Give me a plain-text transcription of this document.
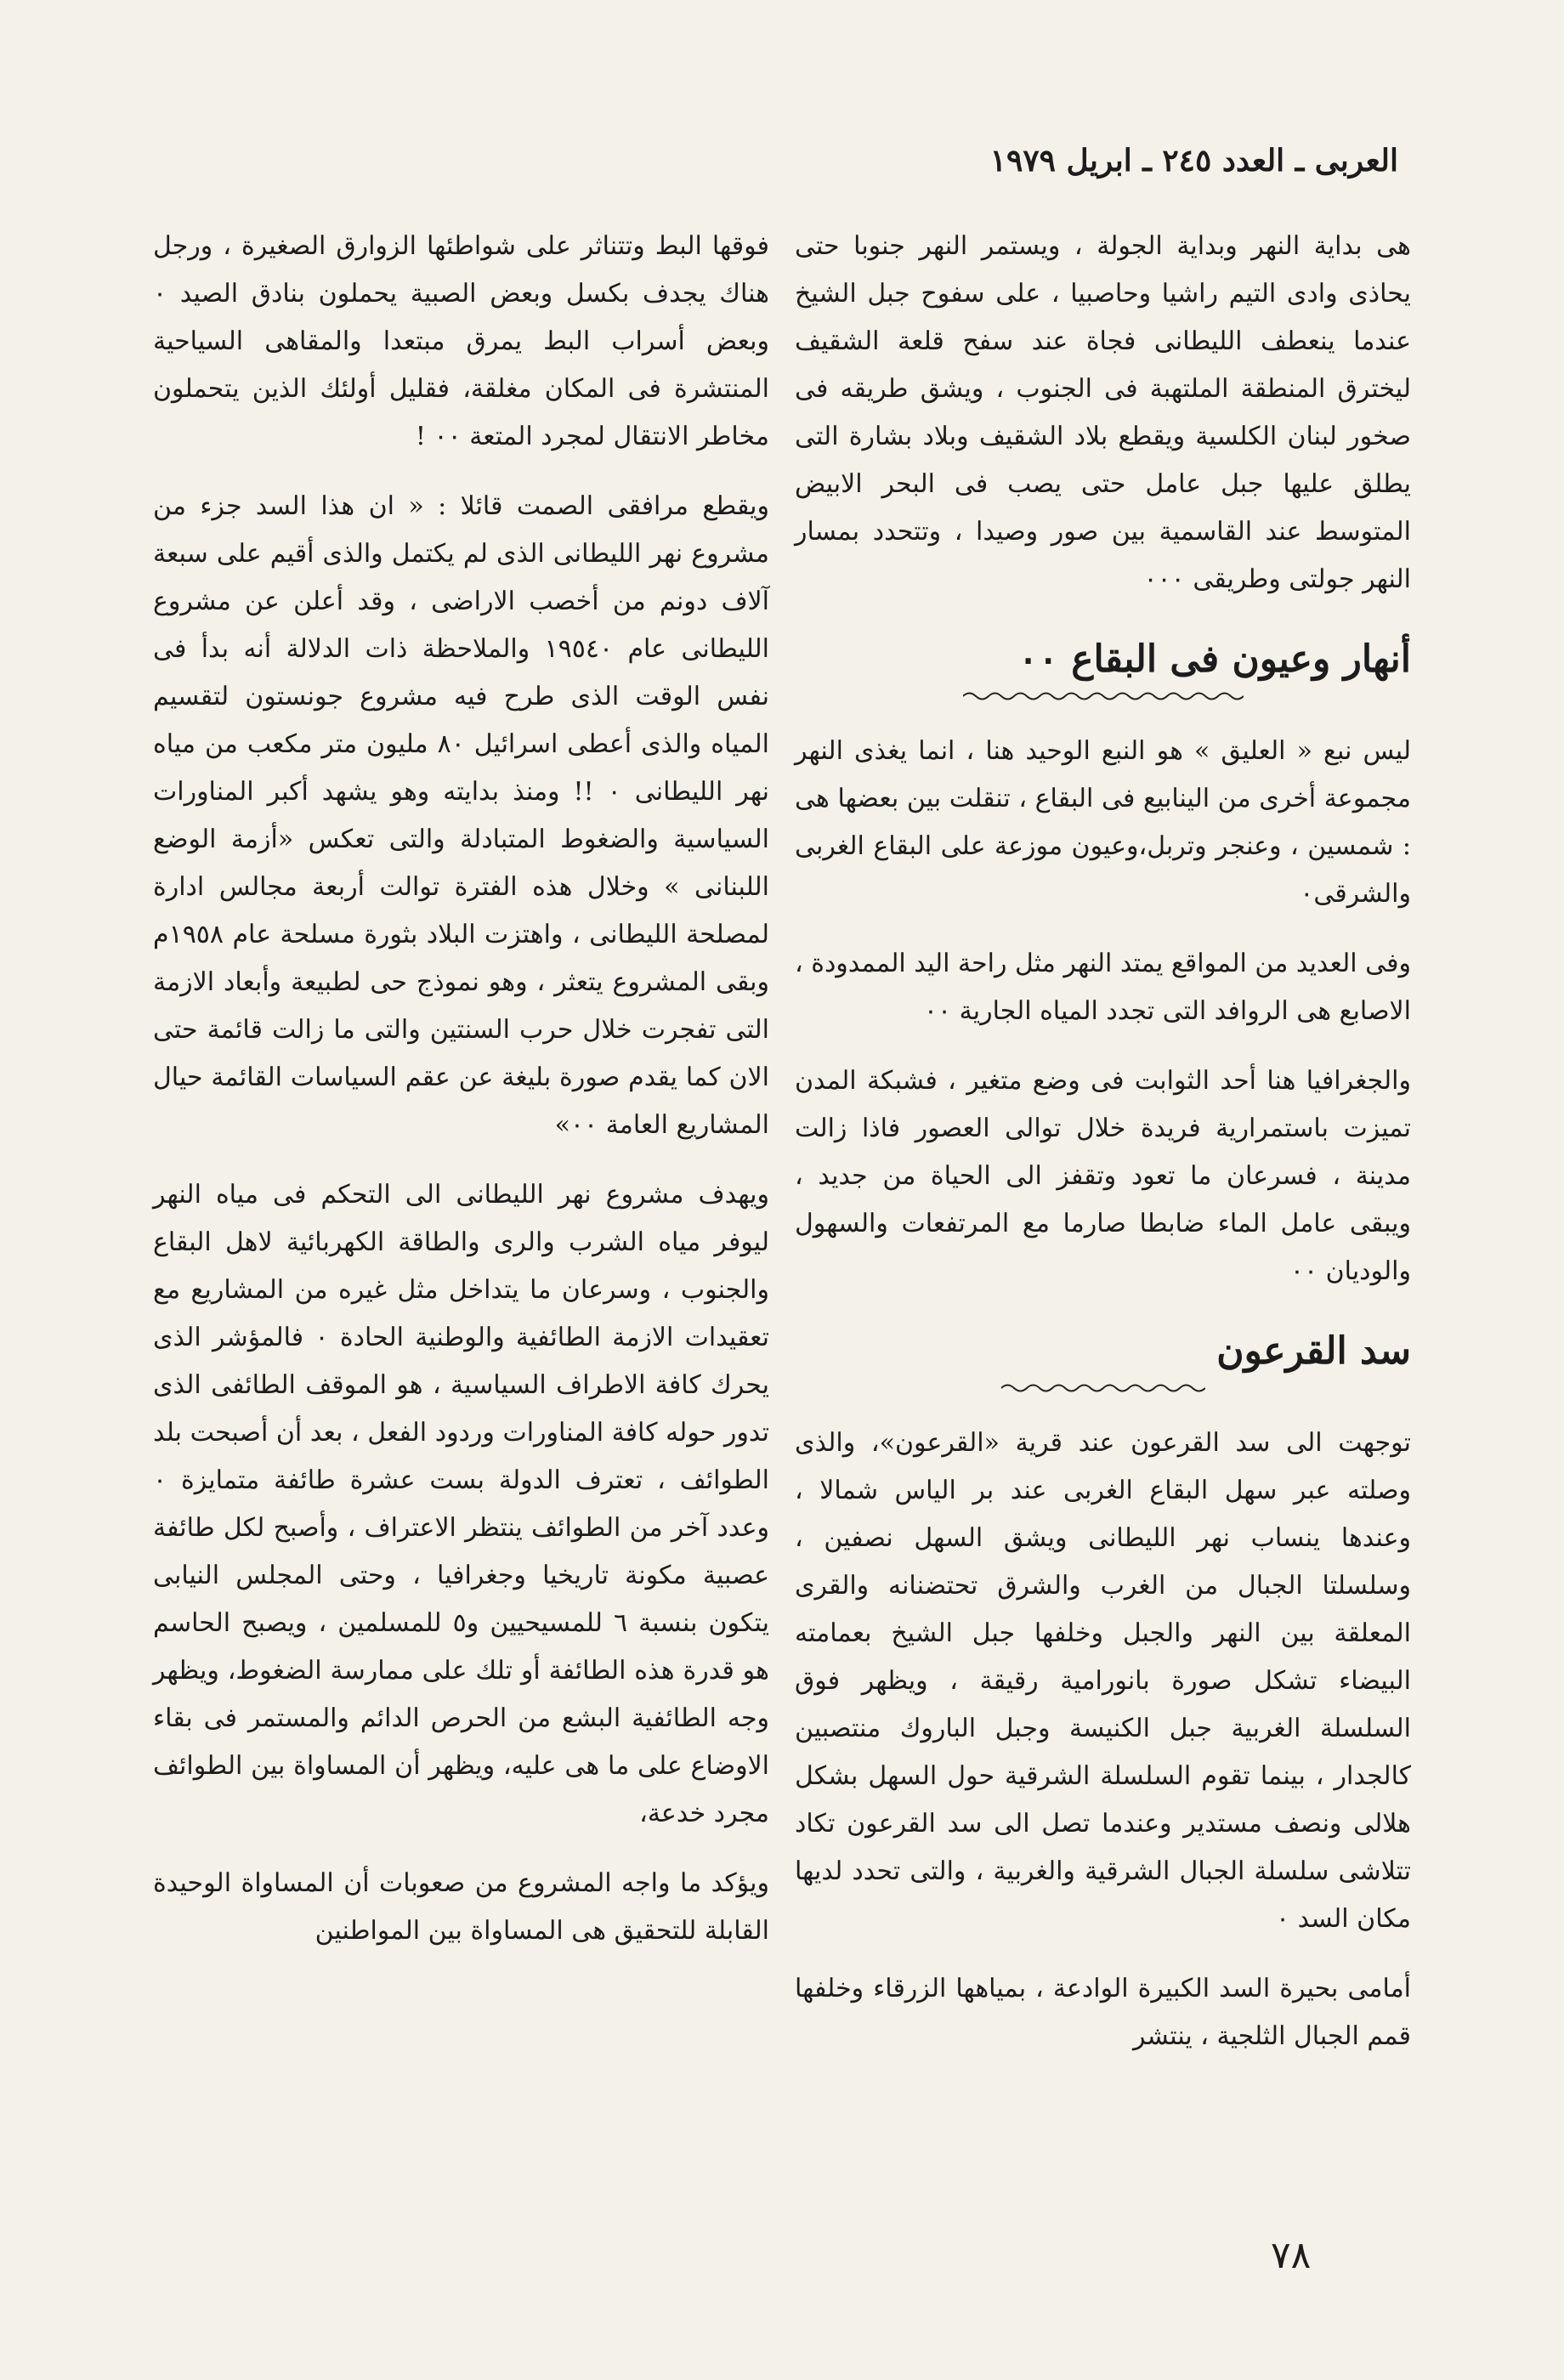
العربى ـ العدد ٢٤٥ ـ ابريل ١٩٧٩

هى بداية النهر وبداية الجولة ، ويستمر النهر جنوبا حتى يحاذى وادى التيم راشيا وحاصبيا ، على سفوح جبل الشيخ عندما ينعطف الليطانى فجاة عند سفح قلعة الشقيف ليخترق المنطقة الملتهبة فى الجنوب ، ويشق طريقه فى صخور لبنان الكلسية ويقطع بلاد الشقيف وبلاد بشارة التى يطلق عليها جبل عامل حتى يصب فى البحر الابيض المتوسط عند القاسمية بين صور وصيدا ، وتتحدد بمسار النهر جولتى وطريقى ٠٠٠

أنهار وعيون فى البقاع ٠٠

ليس نبع « العليق » هو النبع الوحيد هنا ، انما يغذى النهر مجموعة أخرى من الينابيع فى البقاع ، تنقلت بين بعضها هى : شمسين ، وعنجر وتربل،وعيون موزعة على البقاع الغربى والشرقى٠

وفى العديد من المواقع يمتد النهر مثل راحة اليد الممدودة ، الاصابع هى الروافد التى تجدد المياه الجارية ٠٠

والجغرافيا هنا أحد الثوابت فى وضع متغير ، فشبكة المدن تميزت باستمرارية فريدة خلال توالى العصور فاذا زالت مدينة ، فسرعان ما تعود وتقفز الى الحياة من جديد ، ويبقى عامل الماء ضابطا صارما مع المرتفعات والسهول والوديان ٠٠

سد القرعون

توجهت الى سد القرعون عند قرية «القرعون»، والذى وصلته عبر سهل البقاع الغربى عند بر الياس شمالا ، وعندها ينساب نهر الليطانى ويشق السهل نصفين ، وسلسلتا الجبال من الغرب والشرق تحتضنانه والقرى المعلقة بين النهر والجبل وخلفها جبل الشيخ بعمامته البيضاء تشكل صورة بانورامية رقيقة ، ويظهر فوق السلسلة الغربية جبل الكنيسة وجبل الباروك منتصبين كالجدار ، بينما تقوم السلسلة الشرقية حول السهل بشكل هلالى ونصف مستدير وعندما تصل الى سد القرعون تكاد تتلاشى سلسلة الجبال الشرقية والغربية ، والتى تحدد لديها مكان السد ٠

أمامى بحيرة السد الكبيرة الوادعة ، بمياهها الزرقاء وخلفها قمم الجبال الثلجية ، ينتشر

فوقها البط وتتناثر على شواطئها الزوارق الصغيرة ، ورجل هناك يجدف بكسل وبعض الصبية يحملون بنادق الصيد ٠ وبعض أسراب البط يمرق مبتعدا والمقاهى السياحية المنتشرة فى المكان مغلقة، فقليل أولئك الذين يتحملون مخاطر الانتقال لمجرد المتعة ٠٠ !

ويقطع مرافقى الصمت قائلا : « ان هذا السد جزء من مشروع نهر الليطانى الذى لم يكتمل والذى أقيم على سبعة آلاف دونم من أخصب الاراضى ، وقد أعلن عن مشروع الليطانى عام ١٩٥٤٠ والملاحظة ذات الدلالة أنه بدأ فى نفس الوقت الذى طرح فيه مشروع جونستون لتقسيم المياه والذى أعطى اسرائيل ٨٠ مليون متر مكعب من مياه نهر الليطانى ٠ !! ومنذ بدايته وهو يشهد أكبر المناورات السياسية والضغوط المتبادلة والتى تعكس «أزمة الوضع اللبنانى » وخلال هذه الفترة توالت أربعة مجالس ادارة لمصلحة الليطانى ، واهتزت البلاد بثورة مسلحة عام ١٩٥٨م وبقى المشروع يتعثر ، وهو نموذج حى لطبيعة وأبعاد الازمة التى تفجرت خلال حرب السنتين والتى ما زالت قائمة حتى الان كما يقدم صورة بليغة عن عقم السياسات القائمة حيال المشاريع العامة ٠٠»

ويهدف مشروع نهر الليطانى الى التحكم فى مياه النهر ليوفر مياه الشرب والرى والطاقة الكهربائية لاهل البقاع والجنوب ، وسرعان ما يتداخل مثل غيره من المشاريع مع تعقيدات الازمة الطائفية والوطنية الحادة ٠ فالمؤشر الذى يحرك كافة الاطراف السياسية ، هو الموقف الطائفى الذى تدور حوله كافة المناورات وردود الفعل ، بعد أن أصبحت بلد الطوائف ، تعترف الدولة بست عشرة طائفة متمايزة ٠ وعدد آخر من الطوائف ينتظر الاعتراف ، وأصبح لكل طائفة عصبية مكونة تاريخيا وجغرافيا ، وحتى المجلس النيابى يتكون بنسبة ٦ للمسيحيين و٥ للمسلمين ، ويصبح الحاسم هو قدرة هذه الطائفة أو تلك على ممارسة الضغوط، ويظهر وجه الطائفية البشع من الحرص الدائم والمستمر فى بقاء الاوضاع على ما هى عليه، ويظهر أن المساواة بين الطوائف مجرد خدعة،

ويؤكد ما واجه المشروع من صعوبات أن المساواة الوحيدة القابلة للتحقيق هى المساواة بين المواطنين

٧٨
